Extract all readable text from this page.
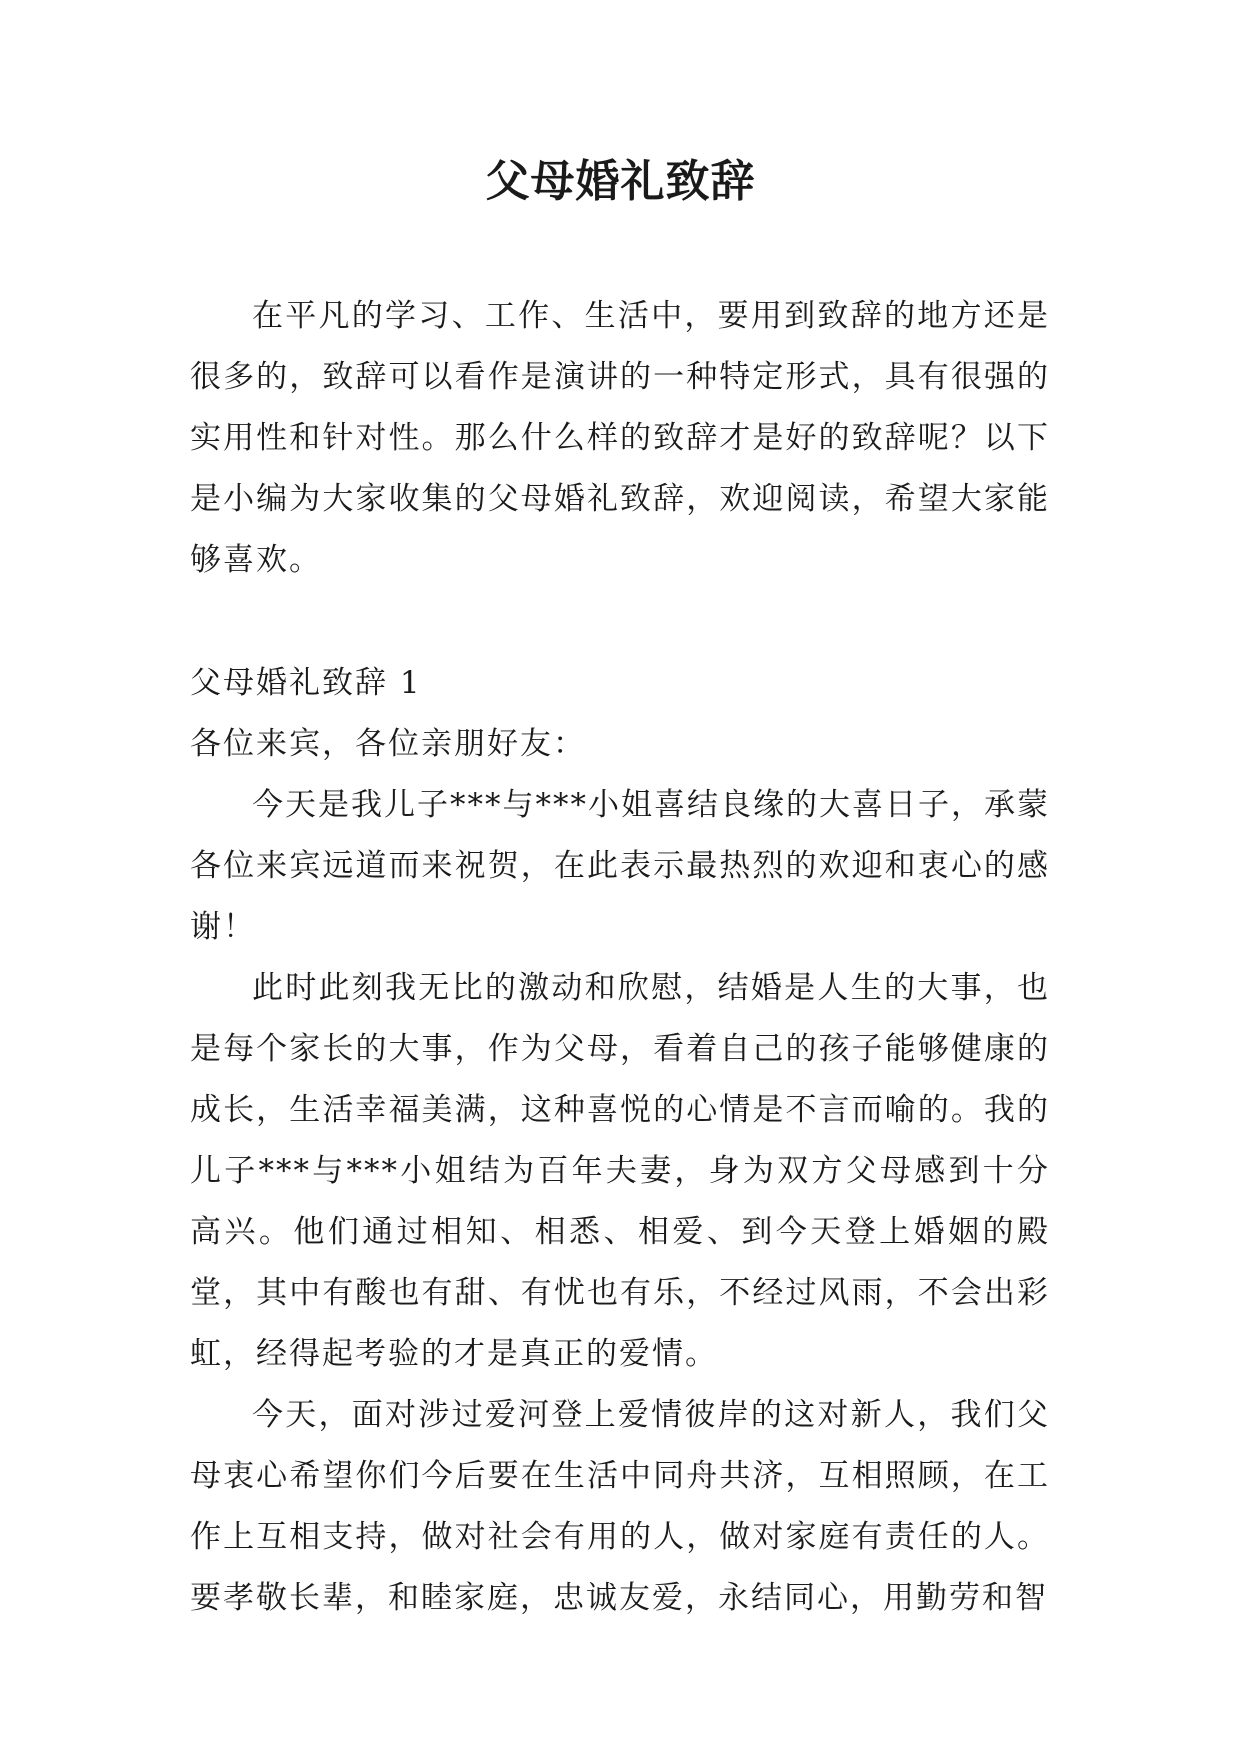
父母婚礼致辞

在平凡的学习、工作、生活中，要用到致辞的地方还是很多的，致辞可以看作是演讲的一种特定形式，具有很强的实用性和针对性。那么什么样的致辞才是好的致辞呢？以下是小编为大家收集的父母婚礼致辞，欢迎阅读，希望大家能够喜欢。

父母婚礼致辞 1

各位来宾，各位亲朋好友：

今天是我儿子***与***小姐喜结良缘的大喜日子，承蒙各位来宾远道而来祝贺，在此表示最热烈的欢迎和衷心的感谢！

此时此刻我无比的激动和欣慰，结婚是人生的大事，也是每个家长的大事，作为父母，看着自己的孩子能够健康的成长，生活幸福美满，这种喜悦的心情是不言而喻的。我的儿子***与***小姐结为百年夫妻，身为双方父母感到十分高兴。他们通过相知、相悉、相爱、到今天登上婚姻的殿堂，其中有酸也有甜、有忧也有乐，不经过风雨，不会出彩虹，经得起考验的才是真正的爱情。

今天，面对涉过爱河登上爱情彼岸的这对新人，我们父母衷心希望你们今后要在生活中同舟共济，互相照顾，在工作上互相支持，做对社会有用的人，做对家庭有责任的人。要孝敬长辈，和睦家庭，忠诚友爱，永结同心，用勤劳和智
